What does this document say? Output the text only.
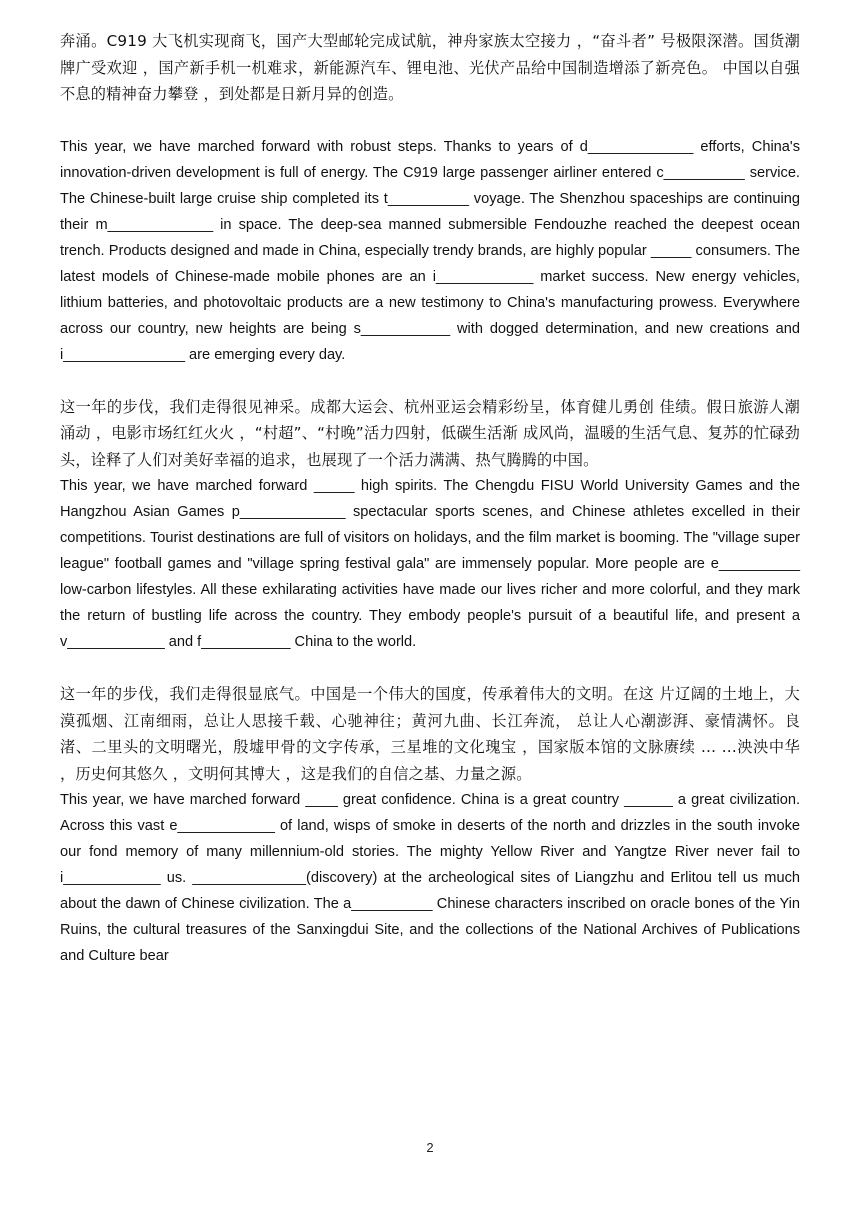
奔涌。C919 大飞机实现商飞，国产大型邮轮完成试航，神舟家族太空接力 ，“奋斗者” 号极限深潜。国货潮牌广受欢迎 ，国产新手机一机难求，新能源汽车、锂电池、光伏产品给中国制造增添了新亮色。 中国以自强不息的精神奋力攀登 ，到处都是日新月异的创造。

This year, we have marched forward with robust steps. Thanks to years of d_____________ efforts, China's innovation-driven development is full of energy. The C919 large passenger airliner entered c__________ service. The Chinese-built large cruise ship completed its t__________ voyage. The Shenzhou spaceships are continuing their m_____________ in space. The deep-sea manned submersible Fendouzhe reached the deepest ocean trench. Products designed and made in China, especially trendy brands, are highly popular _____ consumers. The latest models of Chinese-made mobile phones are an i____________ market success. New energy vehicles, lithium batteries, and photovoltaic products are a new testimony to China's manufacturing prowess. Everywhere across our country, new heights are being s___________ with dogged determination, and new creations and i_______________ are emerging every day.

这一年的步伐，我们走得很见神采。成都大运会、杭州亚运会精彩纷呈，体育健儿勇创 佳绩。假日旅游人潮涌动 ，电影市场红红火火 ，“村超”、“村晚”活力四射，低碳生活渐 成风尚，温暖的生活气息、复苏的忙碌劲头，诠释了人们对美好幸福的追求，也展现了一个活力满满、热气腾腾的中国。

This year, we have marched forward _____ high spirits. The Chengdu FISU World University Games and the Hangzhou Asian Games p_____________ spectacular sports scenes, and Chinese athletes excelled in their competitions. Tourist destinations are full of visitors on holidays, and the film market is booming. The "village super league" football games and "village spring festival gala" are immensely popular. More people are e__________ low-carbon lifestyles. All these exhilarating activities have made our lives richer and more colorful, and they mark the return of bustling life across the country. They embody people's pursuit of a beautiful life, and present a v____________ and f___________ China to the world.

这一年的步伐，我们走得很显底气。中国是一个伟大的国度，传承着伟大的文明。在这 片辽阔的土地上，大漠孤烟、江南细雨，总让人思接千载、心驰神往；黄河九曲、长江奔流， 总让人心潮澎湃、豪情满怀。良渚、二里头的文明曙光，殷墟甲骨的文字传承，三星堆的文化瑰宝 ，国家版本馆的文脉赓续 … …泱泱中华 ，历史何其悠久 ，文明何其博大 ，这是我们的自信之基、力量之源。

This year, we have marched forward ____ great confidence. China is a great country ______ a great civilization. Across this vast e____________ of land, wisps of smoke in deserts of the north and drizzles in the south invoke our fond memory of many millennium-old stories. The mighty Yellow River and Yangtze River never fail to i____________ us. ______________(discovery) at the archeological sites of Liangzhu and Erlitou tell us much about the dawn of Chinese civilization. The a__________ Chinese characters inscribed on oracle bones of the Yin Ruins, the cultural treasures of the Sanxingdui Site, and the collections of the National Archives of Publications and Culture bear

2
